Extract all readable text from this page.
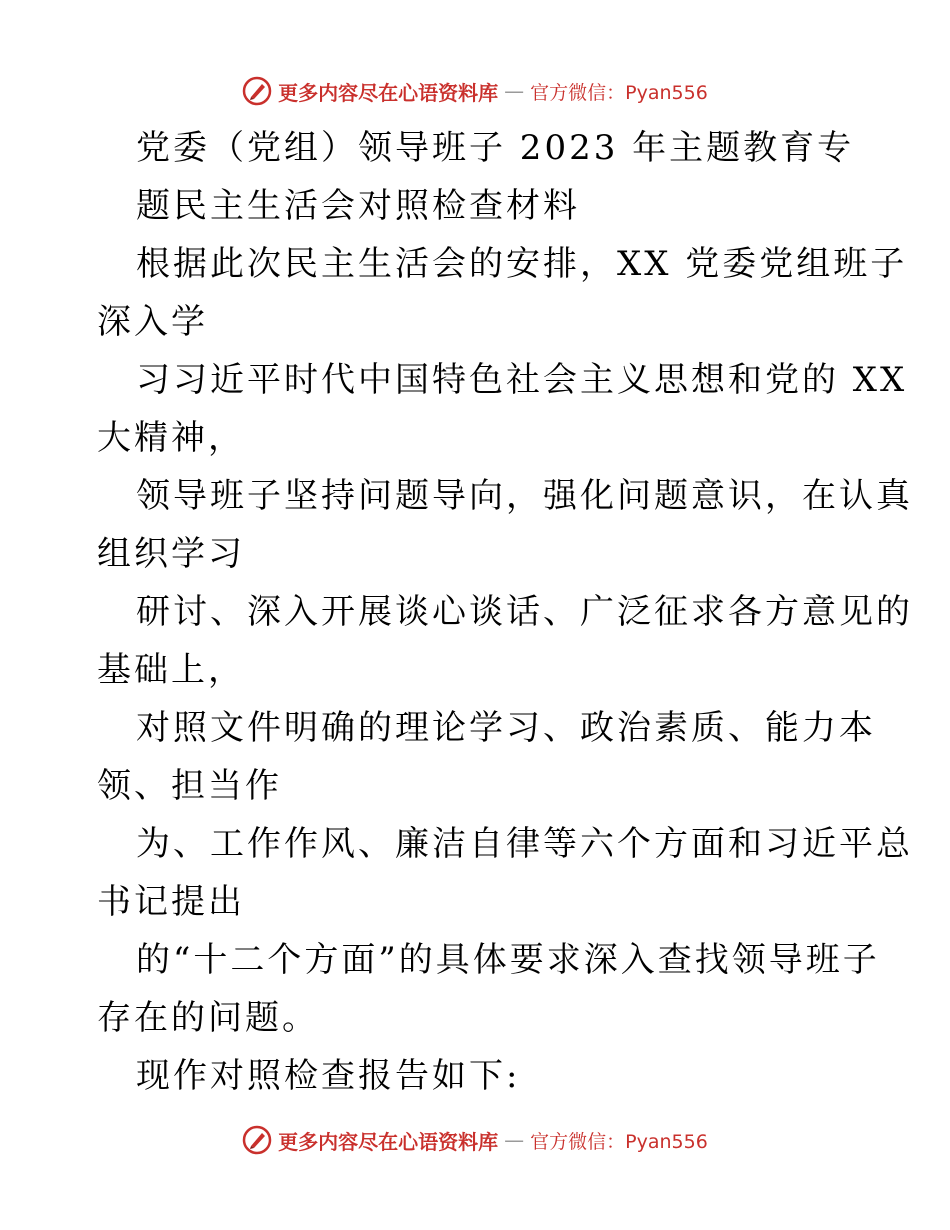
更多内容尽在心语资料库 — 官方微信：Pyan556
党委（党组）领导班子 2023 年主题教育专
题民主生活会对照检查材料
根据此次民主生活会的安排，XX 党委党组班子
深入学
习习近平时代中国特色社会主义思想和党的 XX
大精神，
领导班子坚持问题导向，强化问题意识，在认真
组织学习
研讨、深入开展谈心谈话、广泛征求各方意见的
基础上，
对照文件明确的理论学习、政治素质、能力本
领、担当作
为、工作作风、廉洁自律等六个方面和习近平总
书记提出
的“十二个方面”的具体要求深入查找领导班子
存在的问题。
现作对照检查报告如下:
更多内容尽在心语资料库 — 官方微信：Pyan556
